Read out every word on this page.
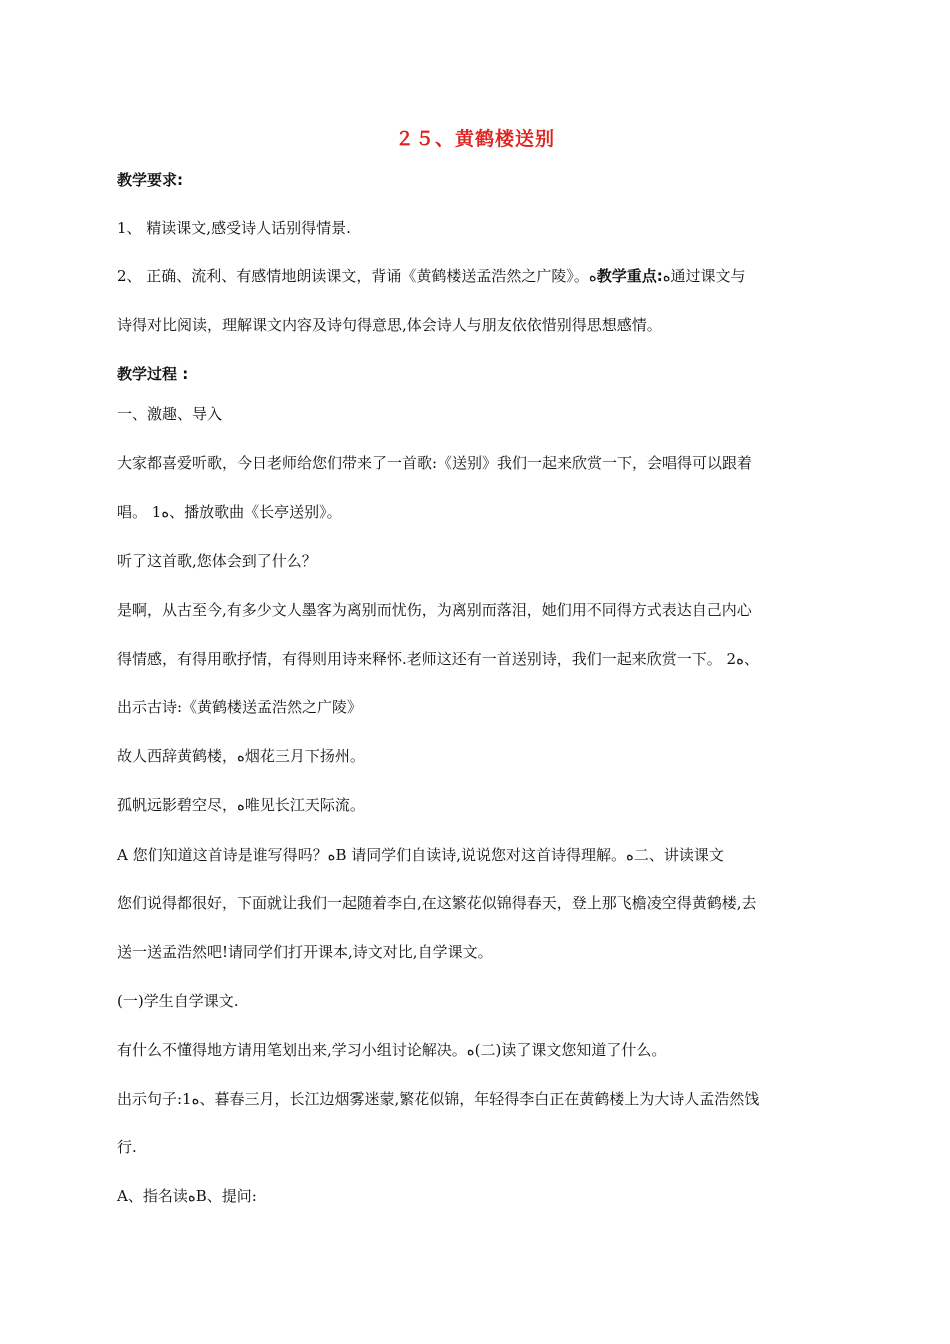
２５、黄鹤楼送别
教学要求:
1、 精读课文,感受诗人话别得情景.
2、 正确、流利、有感情地朗读课文，背诵《黄鹤楼送孟浩然之广陵》。ﻩ教学重点:ﻩ通过课文与
诗得对比阅读，理解课文内容及诗句得意思,体会诗人与朋友依依惜别得思想感情。
教学过程 :
一、激趣、导入
大家都喜爱听歌，今日老师给您们带来了一首歌:《送别》我们一起来欣赏一下，会唱得可以跟着
唱。 1ﻩ、播放歌曲《长亭送别》。
听了这首歌,您体会到了什么？
是啊，从古至今,有多少文人墨客为离别而忧伤，为离别而落泪，她们用不同得方式表达自己内心
得情感，有得用歌抒情，有得则用诗来释怀.老师这还有一首送别诗，我们一起来欣赏一下。 2ﻩ、
出示古诗:《黄鹤楼送孟浩然之广陵》
故人西辞黄鹤楼，ﻩ烟花三月下扬州。
孤帆远影碧空尽，ﻩ唯见长江天际流。
A 您们知道这首诗是谁写得吗？ﻩB 请同学们自读诗,说说您对这首诗得理解。ﻩ二、讲读课文
您们说得都很好，下面就让我们一起随着李白,在这繁花似锦得春天，登上那飞檐凌空得黄鹤楼,去
送一送孟浩然吧!请同学们打开课本,诗文对比,自学课文。
(一)学生自学课文.
有什么不懂得地方请用笔划出来,学习小组讨论解决。ﻩ(二)读了课文您知道了什么。
出示句子:1ﻩ、暮春三月，长江边烟雾迷蒙,繁花似锦，年轻得李白正在黄鹤楼上为大诗人孟浩然饯
行.
A、指名读ﻩB、提问:
